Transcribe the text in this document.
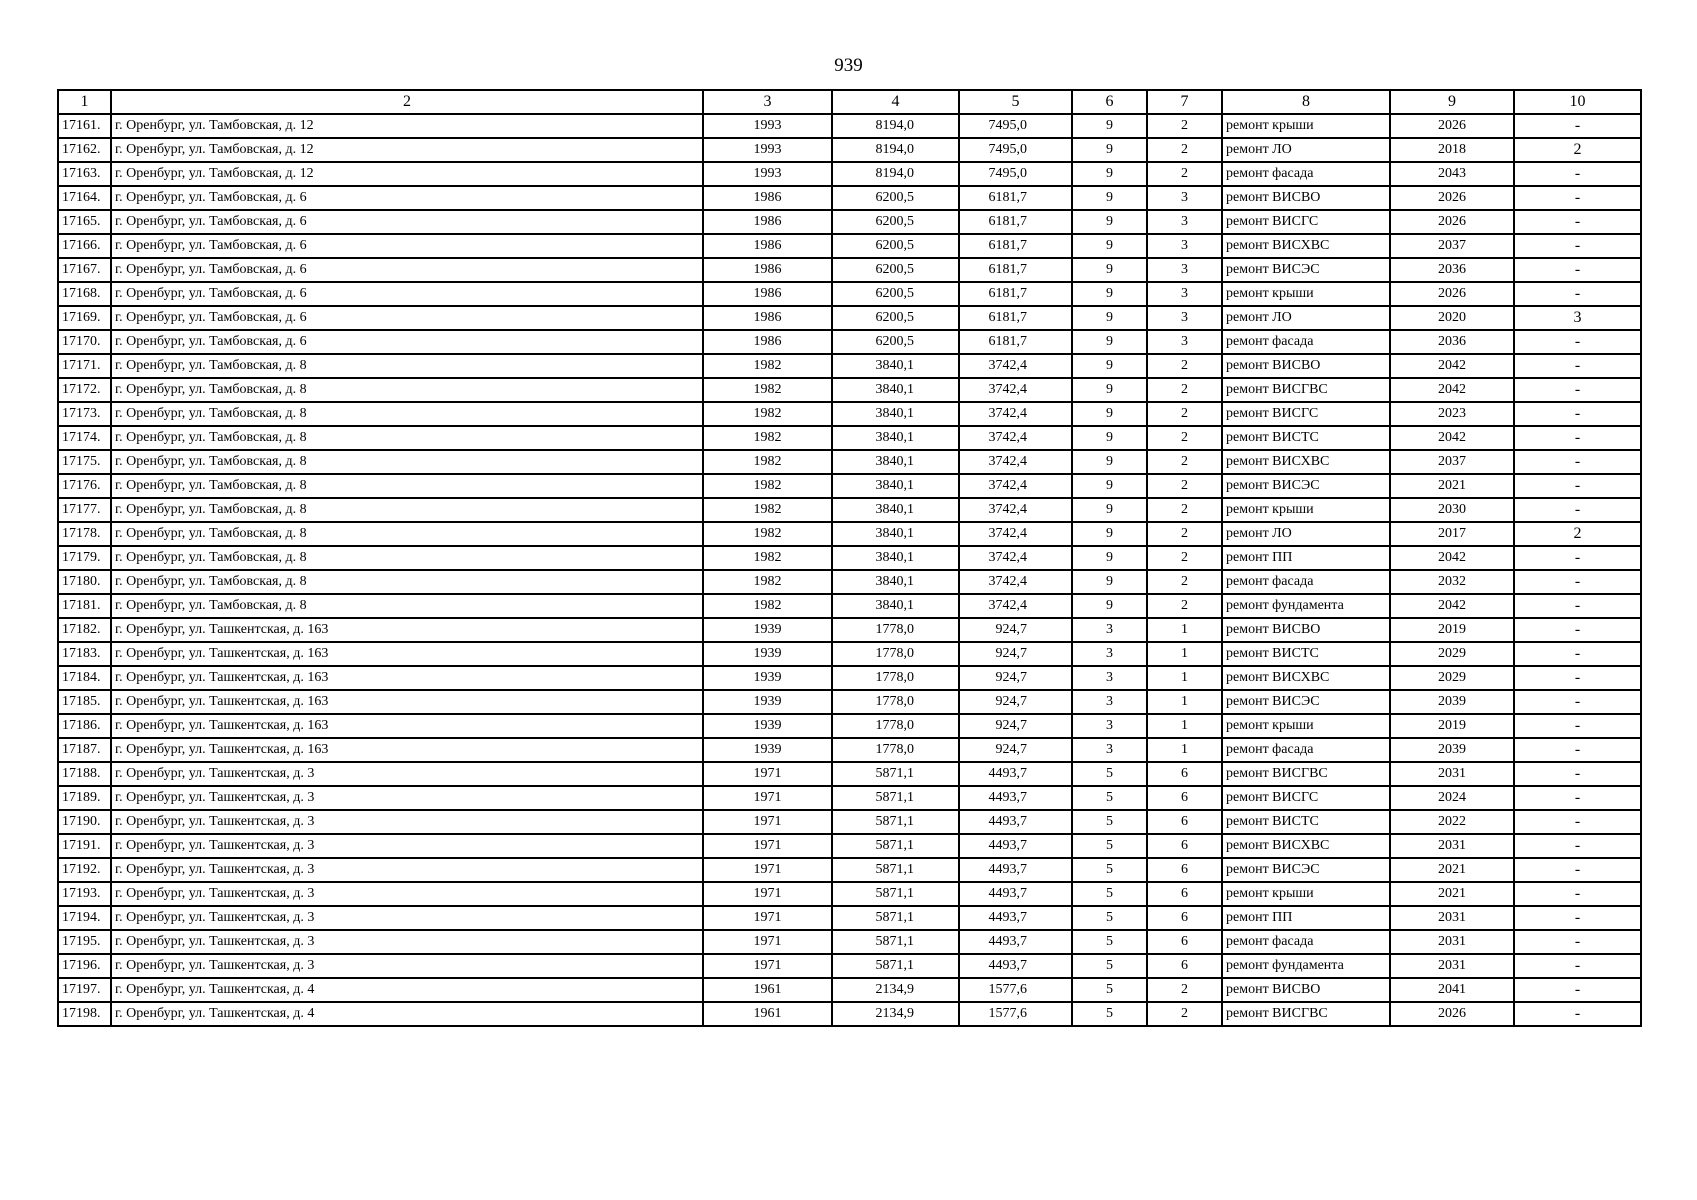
939
1	2	3	4	5	6	7	8	9	10
17161.	г. Оренбург, ул. Тамбовская, д. 12	1993	8194,0	7495,0	9	2	ремонт крыши	2026	-
17162.	г. Оренбург, ул. Тамбовская, д. 12	1993	8194,0	7495,0	9	2	ремонт ЛО	2018	2
17163.	г. Оренбург, ул. Тамбовская, д. 12	1993	8194,0	7495,0	9	2	ремонт фасада	2043	-
17164.	г. Оренбург, ул. Тамбовская, д. 6	1986	6200,5	6181,7	9	3	ремонт ВИСВО	2026	-
17165.	г. Оренбург, ул. Тамбовская, д. 6	1986	6200,5	6181,7	9	3	ремонт ВИСГС	2026	-
17166.	г. Оренбург, ул. Тамбовская, д. 6	1986	6200,5	6181,7	9	3	ремонт ВИСХВС	2037	-
17167.	г. Оренбург, ул. Тамбовская, д. 6	1986	6200,5	6181,7	9	3	ремонт ВИСЭС	2036	-
17168.	г. Оренбург, ул. Тамбовская, д. 6	1986	6200,5	6181,7	9	3	ремонт крыши	2026	-
17169.	г. Оренбург, ул. Тамбовская, д. 6	1986	6200,5	6181,7	9	3	ремонт ЛО	2020	3
17170.	г. Оренбург, ул. Тамбовская, д. 6	1986	6200,5	6181,7	9	3	ремонт фасада	2036	-
17171.	г. Оренбург, ул. Тамбовская, д. 8	1982	3840,1	3742,4	9	2	ремонт ВИСВО	2042	-
17172.	г. Оренбург, ул. Тамбовская, д. 8	1982	3840,1	3742,4	9	2	ремонт ВИСГВС	2042	-
17173.	г. Оренбург, ул. Тамбовская, д. 8	1982	3840,1	3742,4	9	2	ремонт ВИСГС	2023	-
17174.	г. Оренбург, ул. Тамбовская, д. 8	1982	3840,1	3742,4	9	2	ремонт ВИСТС	2042	-
17175.	г. Оренбург, ул. Тамбовская, д. 8	1982	3840,1	3742,4	9	2	ремонт ВИСХВС	2037	-
17176.	г. Оренбург, ул. Тамбовская, д. 8	1982	3840,1	3742,4	9	2	ремонт ВИСЭС	2021	-
17177.	г. Оренбург, ул. Тамбовская, д. 8	1982	3840,1	3742,4	9	2	ремонт крыши	2030	-
17178.	г. Оренбург, ул. Тамбовская, д. 8	1982	3840,1	3742,4	9	2	ремонт ЛО	2017	2
17179.	г. Оренбург, ул. Тамбовская, д. 8	1982	3840,1	3742,4	9	2	ремонт ПП	2042	-
17180.	г. Оренбург, ул. Тамбовская, д. 8	1982	3840,1	3742,4	9	2	ремонт фасада	2032	-
17181.	г. Оренбург, ул. Тамбовская, д. 8	1982	3840,1	3742,4	9	2	ремонт фундамента	2042	-
17182.	г. Оренбург, ул. Ташкентская, д. 163	1939	1778,0	924,7	3	1	ремонт ВИСВО	2019	-
17183.	г. Оренбург, ул. Ташкентская, д. 163	1939	1778,0	924,7	3	1	ремонт ВИСТС	2029	-
17184.	г. Оренбург, ул. Ташкентская, д. 163	1939	1778,0	924,7	3	1	ремонт ВИСХВС	2029	-
17185.	г. Оренбург, ул. Ташкентская, д. 163	1939	1778,0	924,7	3	1	ремонт ВИСЭС	2039	-
17186.	г. Оренбург, ул. Ташкентская, д. 163	1939	1778,0	924,7	3	1	ремонт крыши	2019	-
17187.	г. Оренбург, ул. Ташкентская, д. 163	1939	1778,0	924,7	3	1	ремонт фасада	2039	-
17188.	г. Оренбург, ул. Ташкентская, д. 3	1971	5871,1	4493,7	5	6	ремонт ВИСГВС	2031	-
17189.	г. Оренбург, ул. Ташкентская, д. 3	1971	5871,1	4493,7	5	6	ремонт ВИСГС	2024	-
17190.	г. Оренбург, ул. Ташкентская, д. 3	1971	5871,1	4493,7	5	6	ремонт ВИСТС	2022	-
17191.	г. Оренбург, ул. Ташкентская, д. 3	1971	5871,1	4493,7	5	6	ремонт ВИСХВС	2031	-
17192.	г. Оренбург, ул. Ташкентская, д. 3	1971	5871,1	4493,7	5	6	ремонт ВИСЭС	2021	-
17193.	г. Оренбург, ул. Ташкентская, д. 3	1971	5871,1	4493,7	5	6	ремонт крыши	2021	-
17194.	г. Оренбург, ул. Ташкентская, д. 3	1971	5871,1	4493,7	5	6	ремонт ПП	2031	-
17195.	г. Оренбург, ул. Ташкентская, д. 3	1971	5871,1	4493,7	5	6	ремонт фасада	2031	-
17196.	г. Оренбург, ул. Ташкентская, д. 3	1971	5871,1	4493,7	5	6	ремонт фундамента	2031	-
17197.	г. Оренбург, ул. Ташкентская, д. 4	1961	2134,9	1577,6	5	2	ремонт ВИСВО	2041	-
17198.	г. Оренбург, ул. Ташкентская, д. 4	1961	2134,9	1577,6	5	2	ремонт ВИСГВС	2026	-
